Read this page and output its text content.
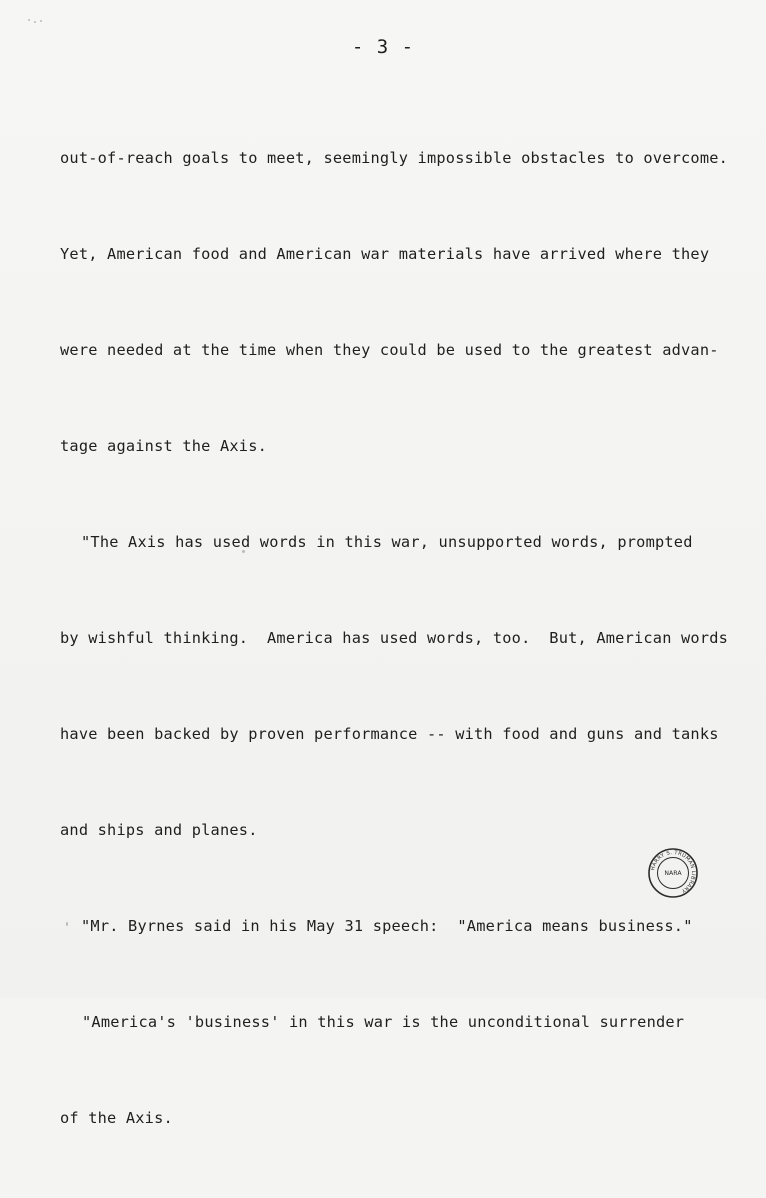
- 3 -

out-of-reach goals to meet, seemingly impossible obstacles to overcome.

Yet, American food and American war materials have arrived where they

were needed at the time when they could be used to the greatest advan-

tage against the Axis.

"The Axis has used words in this war, unsupported words, prompted

by wishful thinking.  America has used words, too.  But, American words

have been backed by proven performance -- with food and guns and tanks

and ships and planes.

"Mr. Byrnes said in his May 31 speech:  "America means business."

"America's 'business' in this war is the unconditional surrender

of the Axis.

HARRY S. TRUMAN LIBRARY
NARA
